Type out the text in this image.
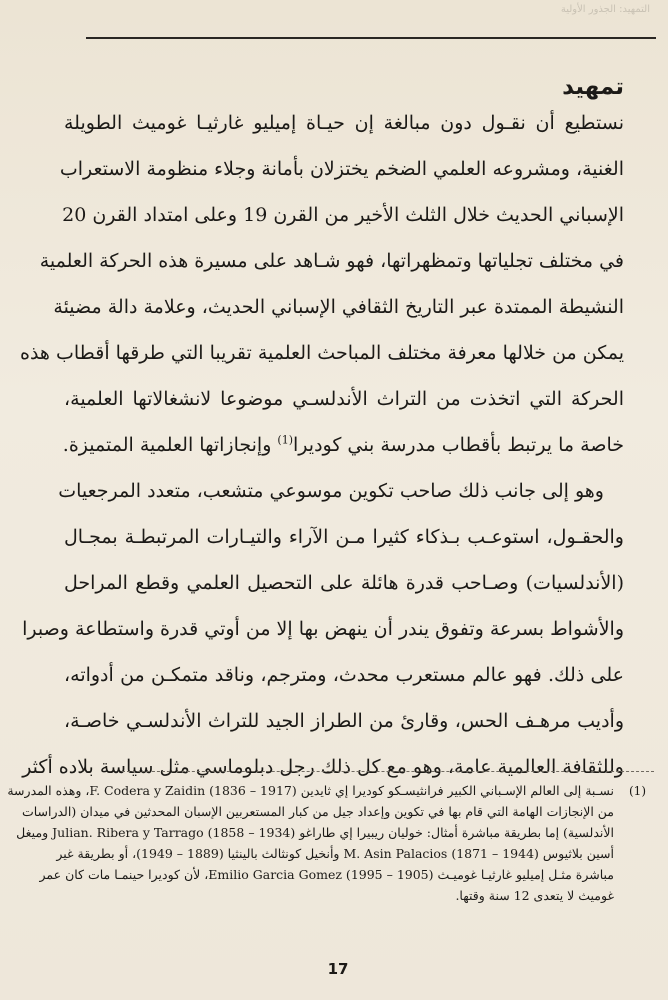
التمهيد: الجذور الأولية
تمهيد
نستطيع أن نقـول دون مبالغة إن حيـاة إميليو غارثيـا غوميث الطويلة
الغنية، ومشروعه العلمي الضخم يختزلان بأمانة وجلاء منظومة الاستعراب
الإسباني الحديث خلال الثلث الأخير من القرن 19 وعلى امتداد القرن 20
في مختلف تجلياتها وتمظهراتها، فهو شـاهد على مسيرة هذه الحركة العلمية
النشيطة الممتدة عبر التاريخ الثقافي الإسباني الحديث، وعلامة دالة مضيئة
يمكن من خلالها معرفة مختلف المباحث العلمية تقريبا التي طرقها أقطاب هذه
الحركة التي اتخذت من التراث الأندلسـي موضوعا لانشغالاتها العلمية،
خاصة ما يرتبط بأقطاب مدرسة بني كوديرا$^{(1)}$ وإنجازاتها العلمية المتميزة.
وهو إلى جانب ذلك صاحب تكوين موسوعي متشعب، متعدد المرجعيات
والحقـول، استوعـب بـذكاء كثيرا مـن الآراء والتيـارات المرتبطـة بمجـال
(الأندلسيات) وصـاحب قدرة هائلة على التحصيل العلمي وقطع المراحل
والأشواط بسرعة وتفوق يندر أن ينهض بها إلا من أوتي قدرة واستطاعة وصبرا
على ذلك. فهو عالم مستعرب محدث، ومترجم، وناقد متمكـن من أدواته،
وأديب مرهـف الحس، وقارئ من الطراز الجيد للتراث الأندلسـي خاصـة،
وللثقافة العالمية عامة، وهو مع كل ذلك رجل دبلوماسي مثل سياسة بلاده أكثر
(1)
نسـبة إلى العالم الإسـباني الكبير فرانثيسـكو كوديرا إي ثايدين (1917 – 1836) F. Codera y Zaidin، وهذه المدرسة
من الإنجازات الهامة التي قام بها في تكوين وإعداد جيل من كبار المستعربين الإسبان المحدثين في ميدان (الدراسات
الأندلسية) إما بطريقة مباشرة أمثال: خوليان ريبيرا إي طاراغو (1934 – 1858) Julian. Ribera y Tarrago وميغل
أسين بلاثيوس (1944 – 1871) M. Asin Palacios وأنخيل كونثالث بالينثيا (1889 – 1949)، أو بطريقة غير
مباشرة مثـل إميليو غارثيـا غوميـث (1905 – 1995) Emilio Garcia Gomez، لأن كوديرا حينمـا مات كان عمر
غوميث لا يتعدى 12 سنة وقتها.
17
